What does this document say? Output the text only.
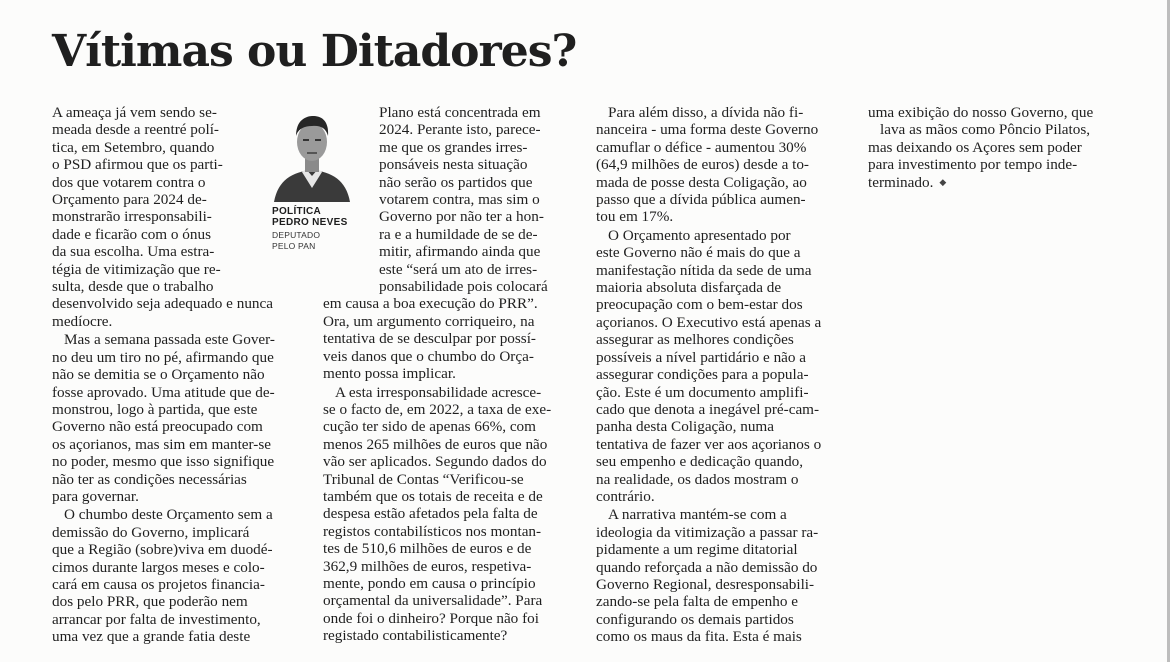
Vítimas ou Ditadores?

A ameaça já vem sendo se-
meada desde a reentré polí-
tica, em Setembro, quando
o PSD afirmou que os parti-
dos que votarem contra o
Orçamento para 2024 de-
monstrarão irresponsabili-
dade e ficarão com o ónus
da sua escolha. Uma estra-
tégia de vitimização que re-
sulta, desde que o trabalho
desenvolvido seja adequado e nunca
medíocre.

Mas a semana passada este Gover-
no deu um tiro no pé, afirmando que
não se demitia se o Orçamento não
fosse aprovado. Uma atitude que de-
monstrou, logo à partida, que este
Governo não está preocupado com
os açorianos, mas sim em manter-se
no poder, mesmo que isso signifique
não ter as condições necessárias
para governar.

O chumbo deste Orçamento sem a
demissão do Governo, implicará
que a Região (sobre)viva em duodé-
cimos durante largos meses e colo-
cará em causa os projetos financia-
dos pelo PRR, que poderão nem
arrancar por falta de investimento,
uma vez que a grande fatia deste

POLÍTICA
PEDRO NEVES
DEPUTADO
PELO PAN

Plano está concentrada em
2024. Perante isto, parece-
me que os grandes irres-
ponsáveis nesta situação
não serão os partidos que
votarem contra, mas sim o
Governo por não ter a hon-
ra e a humildade de se de-
mitir, afirmando ainda que
este “será um ato de irres-
ponsabilidade pois colocará
em causa a boa execução do PRR”.
Ora, um argumento corriqueiro, na
tentativa de se desculpar por possí-
veis danos que o chumbo do Orça-
mento possa implicar.

A esta irresponsabilidade acresce-
se o facto de, em 2022, a taxa de exe-
cução ter sido de apenas 66%, com
menos 265 milhões de euros que não
vão ser aplicados. Segundo dados do
Tribunal de Contas “Verificou-se
também que os totais de receita e de
despesa estão afetados pela falta de
registos contabilísticos nos montan-
tes de 510,6 milhões de euros e de
362,9 milhões de euros, respetiva-
mente, pondo em causa o princípio
orçamental da universalidade”. Para
onde foi o dinheiro? Porque não foi
registado contabilisticamente?

Para além disso, a dívida não fi-
nanceira - uma forma deste Governo
camuflar o défice - aumentou 30%
(64,9 milhões de euros) desde a to-
mada de posse desta Coligação, ao
passo que a dívida pública aumen-
tou em 17%.

O Orçamento apresentado por
este Governo não é mais do que a
manifestação nítida da sede de uma
maioria absoluta disfarçada de
preocupação com o bem-estar dos
açorianos. O Executivo está apenas a
assegurar as melhores condições
possíveis a nível partidário e não a
assegurar condições para a popula-
ção. Este é um documento amplifi-
cado que denota a inegável pré-cam-
panha desta Coligação, numa
tentativa de fazer ver aos açorianos o
seu empenho e dedicação quando,
na realidade, os dados mostram o
contrário.

A narrativa mantém-se com a
ideologia da vitimização a passar ra-
pidamente a um regime ditatorial
quando reforçada a não demissão do
Governo Regional, desresponsabili-
zando-se pela falta de empenho e
configurando os demais partidos
como os maus da fita. Esta é mais

uma exibição do nosso Governo, que

lava as mãos como Pôncio Pilatos,
mas deixando os Açores sem poder
para investimento por tempo inde-
terminado. ◆
